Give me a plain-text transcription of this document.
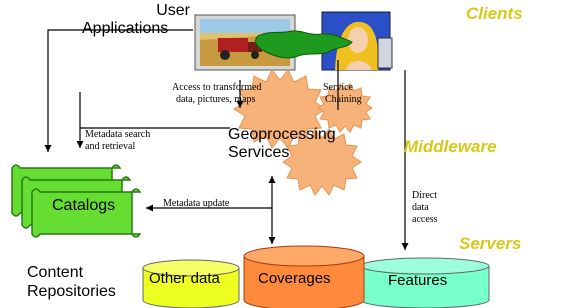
Clients
Middleware
Servers
User
Applications
Geoprocessing
Services
Catalogs
Content
Repositories
Other data	Coverages	Features
Access to transformed
data, pictures, maps
Service
Chaining
Metadata search
and retrieval
Metadata update
Direct
data
access
